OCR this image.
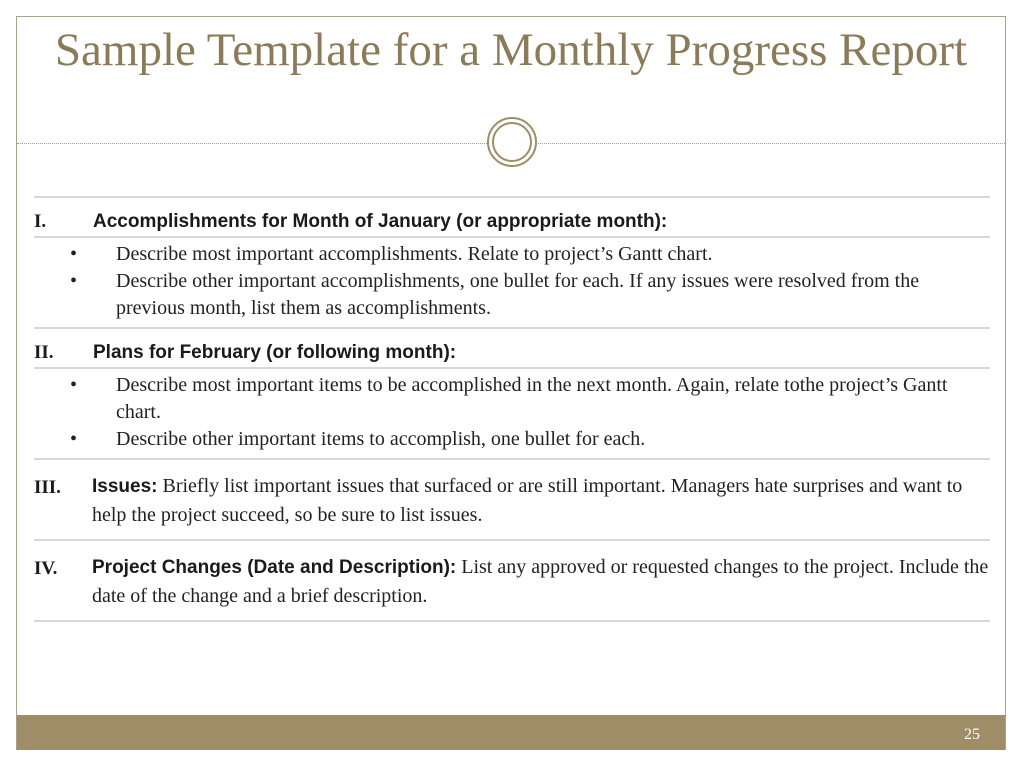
Sample Template for a Monthly Progress Report
I. Accomplishments for Month of January (or appropriate month):
• Describe most important accomplishments. Relate to project’s Gantt chart.
• Describe other important accomplishments, one bullet for each. If any issues were resolved from the previous month, list them as accomplishments.
II. Plans for February (or following month):
• Describe most important items to be accomplished in the next month. Again, relate tothe project’s Gantt chart.
• Describe other important items to accomplish, one bullet for each.
III. Issues: Briefly list important issues that surfaced or are still important. Managers hate surprises and want to help the project succeed, so be sure to list issues.
IV. Project Changes (Date and Description): List any approved or requested changes to the project. Include the date of the change and a brief description.
25
